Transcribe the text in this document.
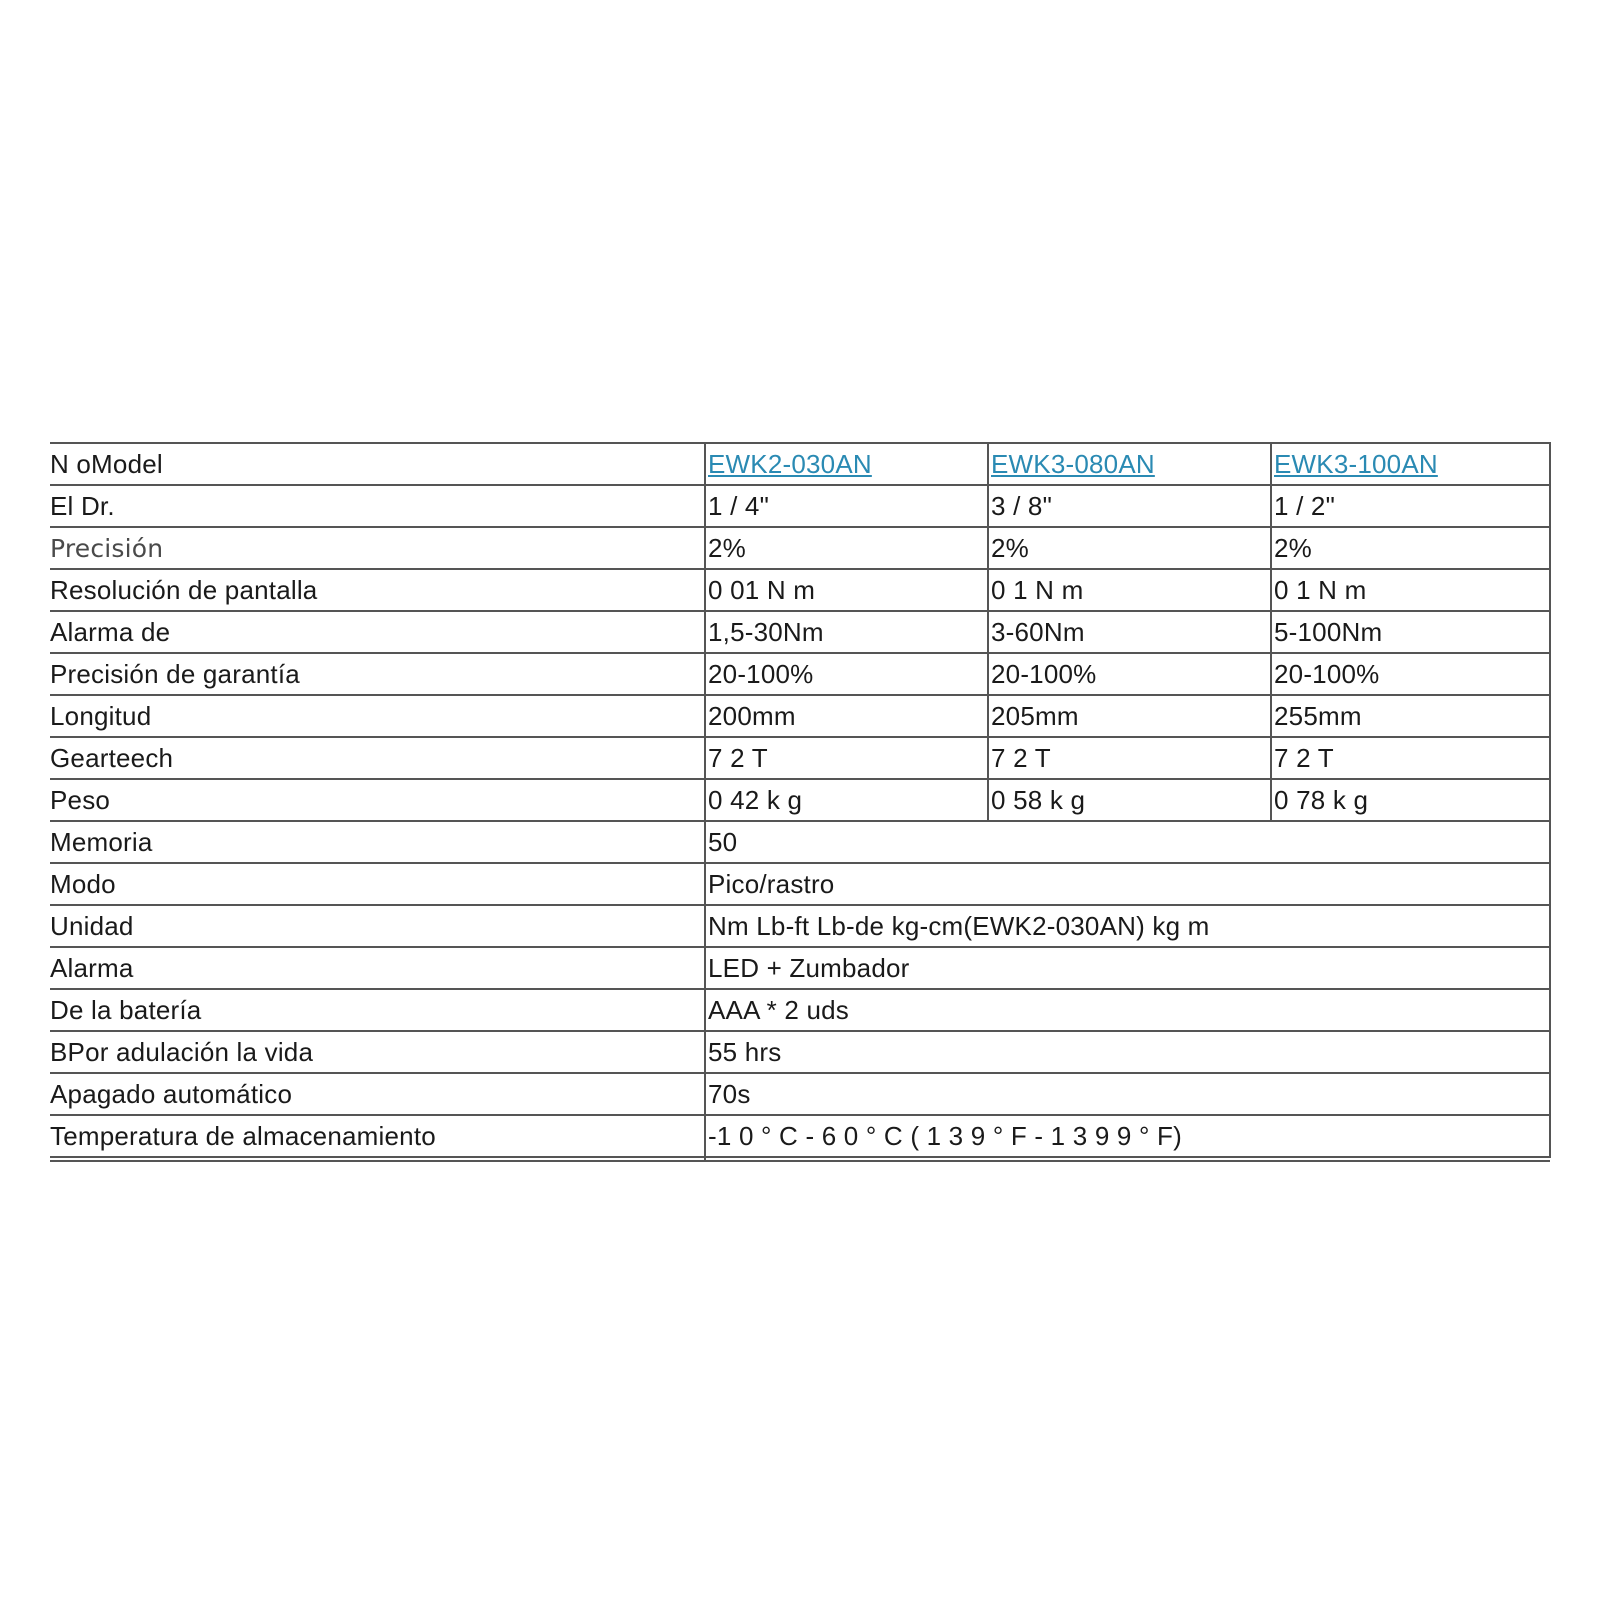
N oModel	EWK2-030AN	EWK3-080AN	EWK3-100AN
El Dr.	1 / 4"	3 / 8"	1 / 2"
Precisión	2%	2%	2%
Resolución de pantalla	0 01 N m	0 1 N m	0 1 N m
Alarma de	1,5-30Nm	3-60Nm	5-100Nm
Precisión de garantía	20-100%	20-100%	20-100%
Longitud	200mm	205mm	255mm
Gearteech	7 2 T	7 2 T	7 2 T
Peso	0 42 k g	0 58 k g	0 78 k g
Memoria	50		
Modo	Pico/rastro		
Unidad	Nm Lb-ft Lb-de kg-cm(EWK2-030AN) kg m		
Alarma	LED + Zumbador		
De la batería	AAA * 2 uds		
BPor adulación la vida	55 hrs		
Apagado automático	70s		
Temperatura de almacenamiento	-1 0 ° C - 6 0 ° C ( 1 3 9 ° F - 1 3 9 9 ° F)		
